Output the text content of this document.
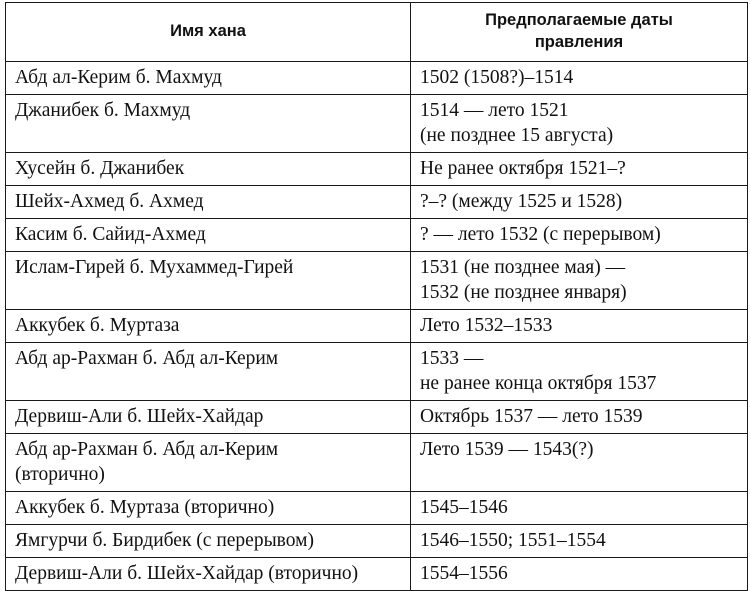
Имя хана	Предполагаемые даты
правления

Абд ал-Керим б. Махмуд	1502 (1508?)–1514

Джанибек б. Махмуд	1514 — лето 1521
(не позднее 15 августа)

Хусейн б. Джанибек	Не ранее октября 1521–?

Шейх-Ахмед б. Ахмед	?–? (между 1525 и 1528)

Касим б. Сайид-Ахмед	? — лето 1532 (с перерывом)

Ислам-Гирей б. Мухаммед-Гирей	1531 (не позднее мая) —
1532 (не позднее января)

Аккубек б. Муртаза	Лето 1532–1533

Абд ар-Рахман б. Абд ал-Керим	1533 —
не ранее конца октября 1537

Дервиш-Али б. Шейх-Хайдар	Октябрь 1537 — лето 1539

Абд ар-Рахман б. Абд ал-Керим
(вторично)	Лето 1539 — 1543(?)

Аккубек б. Муртаза (вторично)	1545–1546

Ямгурчи б. Бирдибек (с перерывом)	1546–1550; 1551–1554

Дервиш-Али б. Шейх-Хайдар (вторично)	1554–1556
